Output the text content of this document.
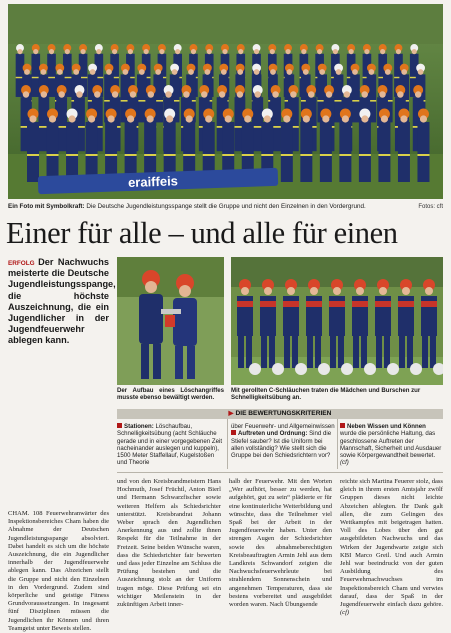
eraiffeis
Ein Foto mit Symbolkraft: Die Deutsche Jugendleistungsspange stellt die Gruppe und nicht den Einzelnen in den Vordergrund.	Fotos: cft
Einer für alle – und alle für einen
ERFOLG Der Nachwuchs meisterte die Deutsche Jugendleistungsspange, die höchste Auszeichnung, die ein Jugendlicher in der Jugendfeuerwehr ablegen kann.
CHAM. 108 Feuerwehranwärter des Inspektionsbereiches Cham haben die Abnahme der Deutschen Jugendleistungsspange absolviert. Dabei handelt es sich um die höchste Auszeichnung, die ein Jugendlicher innerhalb der Jugendfeuerwehr ablegen kann. Das Abzeichen stellt die Gruppe und nicht den Einzelnen in den Vordergrund. Zudem sind körperliche und geistige Fitness Grundvoraussetzungen. In insgesamt fünf Disziplinen müssen die Jugendlichen ihr Können und ihren Teamgeist unter Beweis stellen.
Der Aufbau eines Löschangriffes musste ebenso bewältigt werden.
Mit gerollten C-Schläuchen traten die Mädchen und Burschen zur Schnelligkeitsübung an.
▶ DIE BEWERTUNGSKRITERIEN
Stationen: Löschaufbau, Schnelligkeitsübung (acht Schläuche gerade und in einer vorgegebenen Zeit nacheinander auslegen und kuppeln), 1500 Meter Staffellauf, Kugelstoßen und Theorie
über Feuerwehr- und Allgemeinwissen
Auftreten und Ordnung: Sind die Stiefel sauber? Ist die Uniform bei allen vollständig? Wie stellt sich die Gruppe bei den Schiedsrichtern vor?
Neben Wissen und Können wurde die persönliche Haltung, das geschlossene Auftreten der Mannschaft, Sicherheit und Ausdauer sowie Körpergewandtheit bewertet. (cf)
und von den Kreisbrandmeistern Hans Hochmuth, Josef Früchtl, Anton Bierl und Hermann Schwarzfischer sowie weiteren Helfern als Schiedsrichter unterstützt. Kreisbrandrat Johann Weber sprach den Jugendlichen Anerkennung aus und zollte ihnen Respekt für die Teilnahme in der Freizeit. Seine beiden Wünsche waren, dass die Schiedsrichter fair bewerten und dass jeder Einzelne am Schluss die Prüfung bestehen und die Auszeichnung stolz an der Uniform tragen möge. Diese Prüfung sei ein wichtiger Meilenstein in der zukünftigen Arbeit inner-
halb der Feuerwehr. Mit den Worten „Wer aufhört, besser zu werden, hat aufgehört, gut zu sein“ plädierte er für eine kontinuierliche Weiterbildung und wünschte, dass die Teilnehmer viel Spaß bei der Arbeit in der Jugendfeuerwehr haben. Unter den strengen Augen der Schiedsrichter sowie des abnahmeberechtigten Kreisbeauftragten Armin Jehl aus dem Landkreis Schwandorf zeigten die Nachwuchsfeuerwehrleute bei strahlendem Sonnenschein und angenehmen Temperaturen, dass sie bestens vorbereitet und ausgebildet worden waren. Nach Übungsende
reichte sich Martina Feuerer stolz, dass gleich in ihrem ersten Amtsjahr zwölf Gruppen dieses nicht leichte Abzeichen ablegten. Ihr Dank galt allen, die zum Gelingen des Wettkampfes mit beigetragen hatten. Voll des Lobes über den gut ausgebildeten Nachwuchs und das Wirken der Jugendwarte zeigte sich KBI Marco Greil. Und auch Armin Jehl war beeindruckt von der guten Ausbildung des Feuerwehrnachwuchses im Inspektionsbereich Cham und verwies darauf, dass der Spaß in der Jugendfeuerwehr einfach dazu gehöre. (cf)
